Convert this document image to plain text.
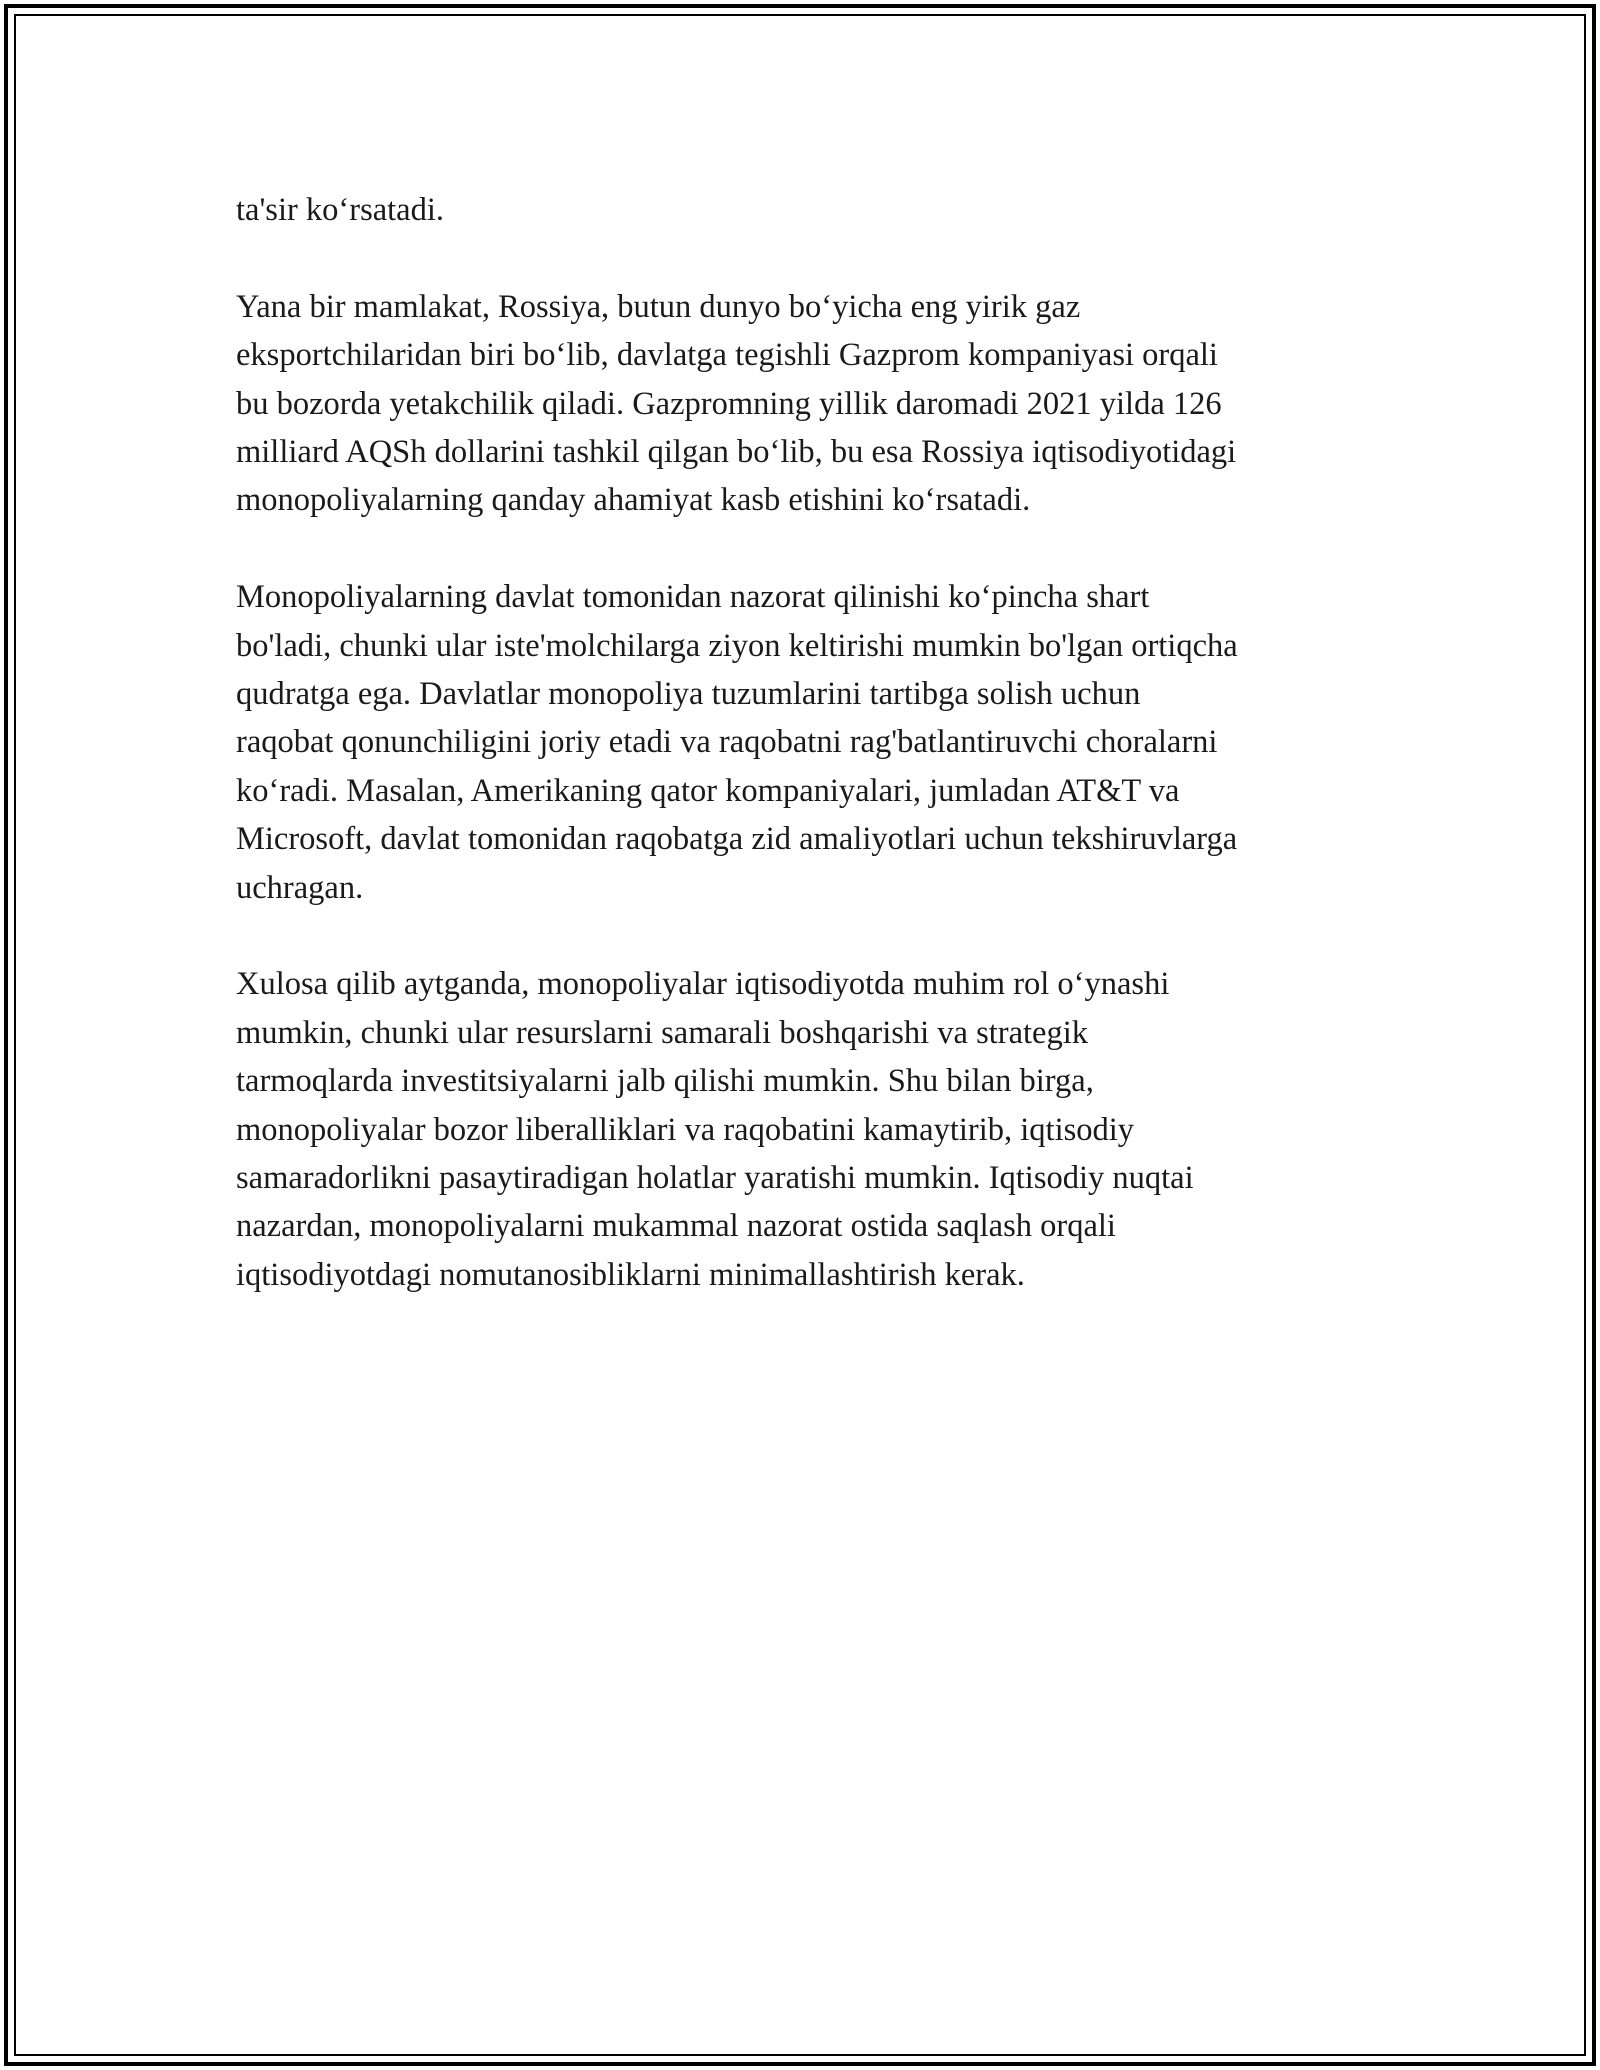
ta'sir ko‘rsatadi.

Yana bir mamlakat, Rossiya, butun dunyo bo‘yicha eng yirik gaz
eksportchilaridan biri bo‘lib, davlatga tegishli Gazprom kompaniyasi orqali
bu bozorda yetakchilik qiladi. Gazpromning yillik daromadi 2021 yilda 126
milliard AQSh dollarini tashkil qilgan bo‘lib, bu esa Rossiya iqtisodiyotidagi
monopoliyalarning qanday ahamiyat kasb etishini ko‘rsatadi.

Monopoliyalarning davlat tomonidan nazorat qilinishi ko‘pincha shart
bo'ladi, chunki ular iste'molchilarga ziyon keltirishi mumkin bo'lgan ortiqcha
qudratga ega. Davlatlar monopoliya tuzumlarini tartibga solish uchun
raqobat qonunchiligini joriy etadi va raqobatni rag'batlantiruvchi choralarni
ko‘radi. Masalan, Amerikaning qator kompaniyalari, jumladan AT&T va
Microsoft, davlat tomonidan raqobatga zid amaliyotlari uchun tekshiruvlarga
uchragan.

Xulosa qilib aytganda, monopoliyalar iqtisodiyotda muhim rol o‘ynashi
mumkin, chunki ular resurslarni samarali boshqarishi va strategik
tarmoqlarda investitsiyalarni jalb qilishi mumkin. Shu bilan birga,
monopoliyalar bozor liberalliklari va raqobatini kamaytirib, iqtisodiy
samaradorlikni pasaytiradigan holatlar yaratishi mumkin. Iqtisodiy nuqtai
nazardan, monopoliyalarni mukammal nazorat ostida saqlash orqali
iqtisodiyotdagi nomutanosibliklarni minimallashtirish kerak.
